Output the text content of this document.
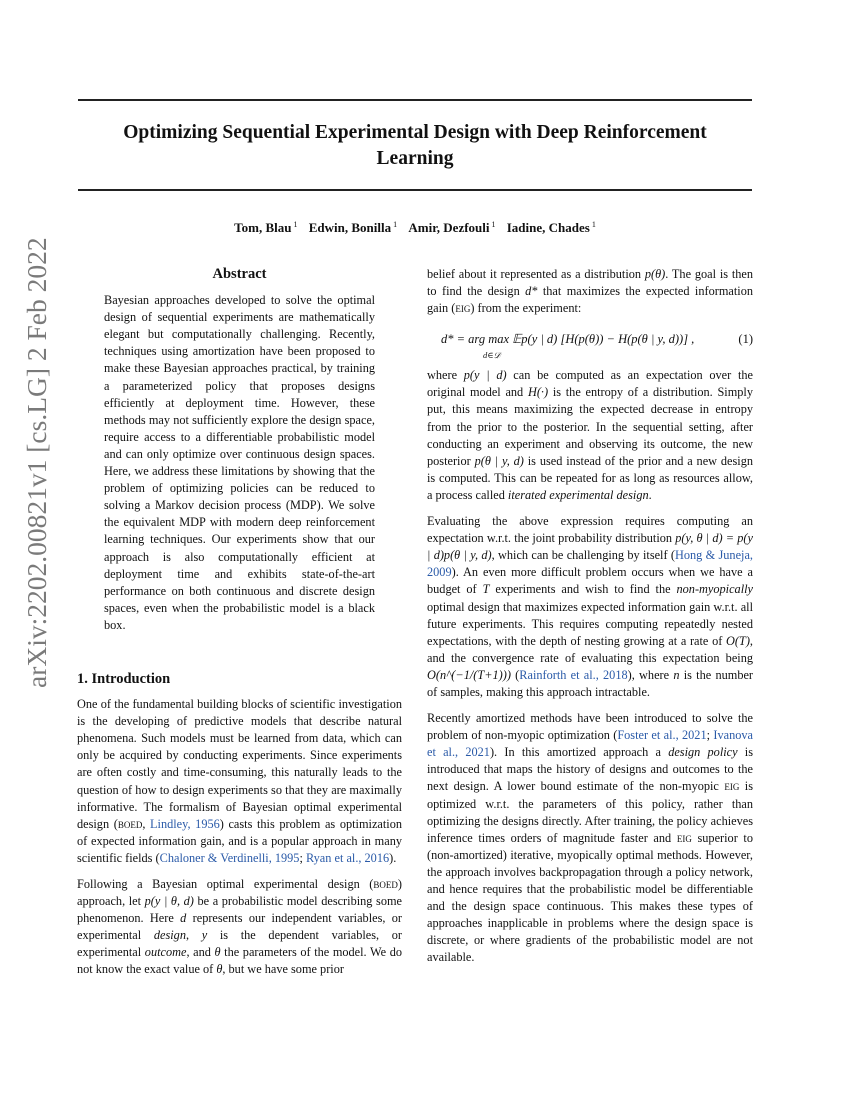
Optimizing Sequential Experimental Design with Deep Reinforcement Learning
Tom, Blau $^1$ Edwin, Bonilla $^1$ Amir, Dezfouli $^1$ Iadine, Chades $^1$
arXiv:2202.00821v1 [cs.LG] 2 Feb 2022	Abstract

Bayesian approaches developed to solve the optimal design of sequential experiments are mathematically elegant but computationally challenging. Recently, techniques using amortization have been proposed to make these Bayesian approaches practical, by training a parameterized policy that proposes designs efficiently at deployment time. However, these methods may not sufficiently explore the design space, require access to a differentiable probabilistic model and can only optimize over continuous design spaces. Here, we address these limitations by showing that the problem of optimizing policies can be reduced to solving a Markov decision process (MDP). We solve the equivalent MDP with modern deep reinforcement learning techniques. Our experiments show that our approach is also computationally efficient at deployment time and exhibits state-of-the-art performance on both continuous and discrete design spaces, even when the probabilistic model is a black box.

1. Introduction

One of the fundamental building blocks of scientific investigation is the developing of predictive models that describe natural phenomena. Such models must be learned from data, which can only be acquired by conducting experiments. Since experiments are often costly and time-consuming, this naturally leads to the question of how to design experiments so that they are maximally informative. The formalism of Bayesian optimal experimental design (boed, Lindley, 1956) casts this problem as optimization of expected information gain, and is a popular approach in many scientific fields (Chaloner & Verdinelli, 1995; Ryan et al., 2016).

Following a Bayesian optimal experimental design (boed) approach, let p(y | θ, d) be a probabilistic model describing some phenomenon. Here d represents our independent variables, or experimental design, y is the dependent variables, or experimental outcome, and θ the parameters of the model. We do not know the exact value of θ, but we have some prior

belief about it represented as a distribution p(θ). The goal is then to find the design d* that maximizes the expected information gain (eig) from the experiment:

d* = arg max 𝔼p(y | d) [H(p(θ)) − H(p(θ | y, d))] ,
d∈𝒟
(1)

where p(y | d) can be computed as an expectation over the original model and H(·) is the entropy of a distribution. Simply put, this means maximizing the expected decrease in entropy from the prior to the posterior. In the sequential setting, after conducting an experiment and observing its outcome, the new posterior p(θ | y, d) is used instead of the prior and a new design is computed. This can be repeated for as long as resources allow, a process called iterated experimental design.

Evaluating the above expression requires computing an expectation w.r.t. the joint probability distribution p(y, θ | d) = p(y | d)p(θ | y, d), which can be challenging by itself (Hong & Juneja, 2009). An even more difficult problem occurs when we have a budget of T experiments and wish to find the non-myopically optimal design that maximizes expected information gain w.r.t. all future experiments. This requires computing repeatedly nested expectations, with the depth of nesting growing at a rate of O(T), and the convergence rate of evaluating this expectation being O(n^(−1/(T+1))) (Rainforth et al., 2018), where n is the number of samples, making this approach intractable.

Recently amortized methods have been introduced to solve the problem of non-myopic optimization (Foster et al., 2021; Ivanova et al., 2021). In this amortized approach a design policy is introduced that maps the history of designs and outcomes to the next design. A lower bound estimate of the non-myopic eig is optimized w.r.t. the parameters of this policy, rather than optimizing the designs directly. After training, the policy achieves inference times orders of magnitude faster and eig superior to (non-amortized) iterative, myopically optimal methods. However, the approach involves backpropagation through a policy network, and hence requires that the probabilistic model be differentiable and the design space continuous. This makes these types of approaches inapplicable in problems where the design space is discrete, or where gradients of the probabilistic model are not available.
